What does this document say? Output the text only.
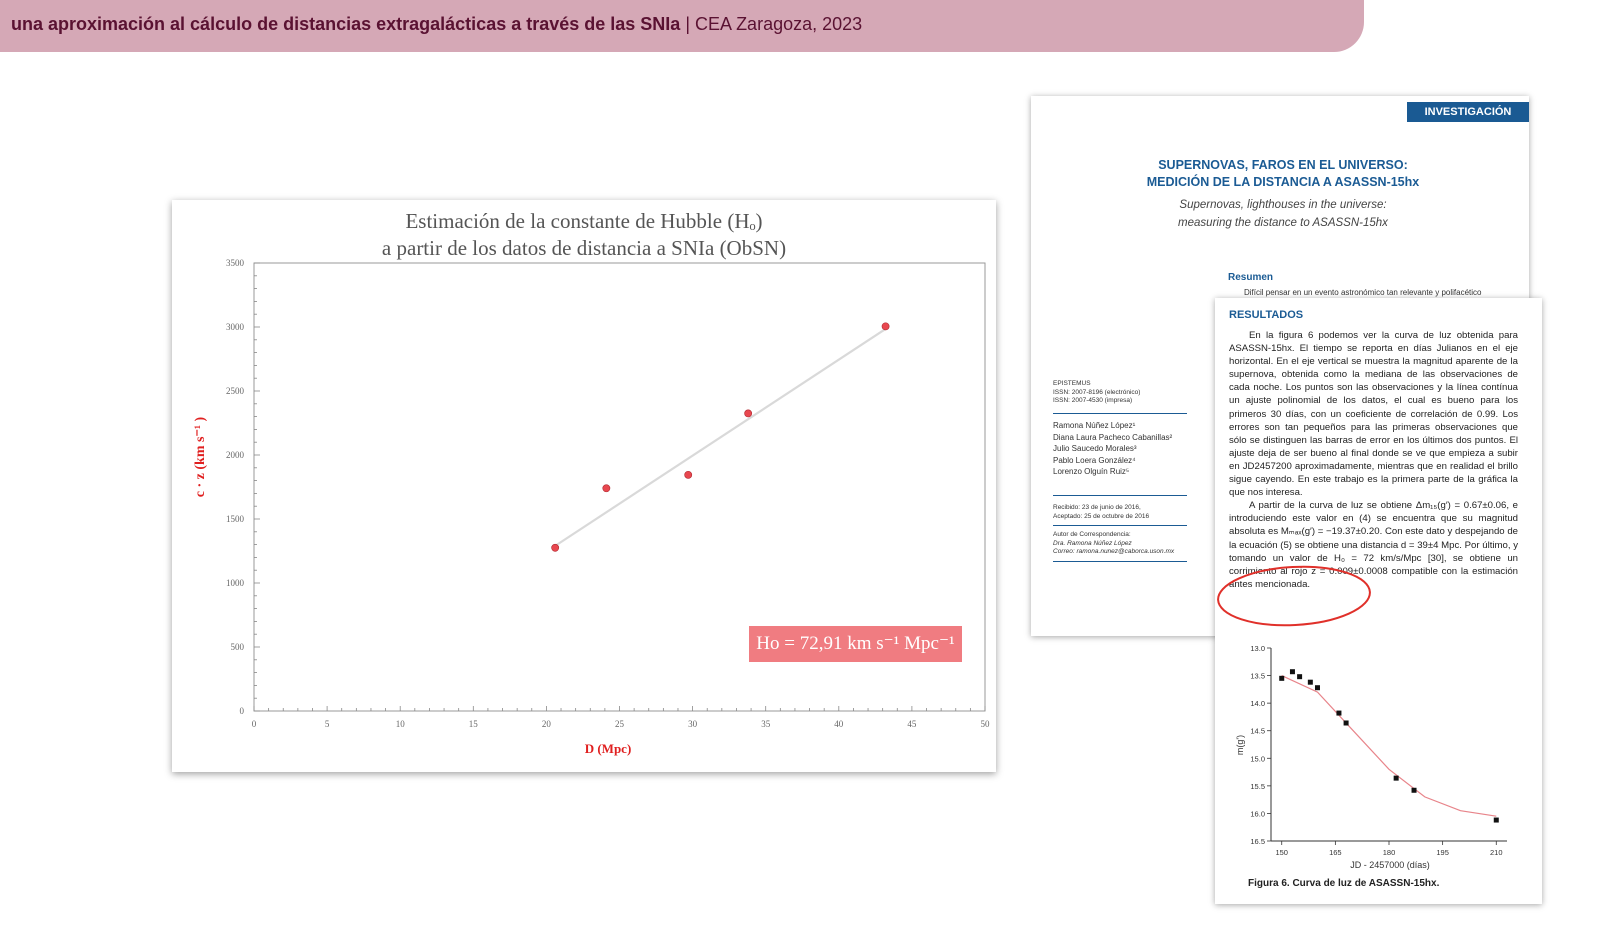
una aproximación al cálculo de distancias extragalácticas a través de las SNIa | CEA Zaragoza, 2023
Estimación de la constante de Hubble (Hₒ)
a partir de los datos de distancia a SNIa (ObSN)
0	5	10	15	20	25	30	35	40	45	50
0
500
1000
1500
2000
2500
3000
3500
D (Mpc)
c · z (km s⁻¹ )
Ho = 72,91 km s⁻¹ Mpc⁻¹
INVESTIGACIÓN
SUPERNOVAS, FAROS EN EL UNIVERSO:
MEDICIÓN DE LA DISTANCIA A ASASSN-15hx
Supernovas, lighthouses in the universe:
measuring the distance to ASASSN-15hx
Resumen
Difícil pensar en un evento astronómico tan relevante y polifacético
EPISTEMUS
ISSN: 2007-8196 (electrónico)
ISSN: 2007-4530 (impresa)
Ramona Núñez López¹
Diana Laura Pacheco Cabanillas²
Julio Saucedo Morales³
Pablo Loera González⁴
Lorenzo Olguín Ruiz⁵
Recibido: 23 de junio de 2016,
Aceptado: 25 de octubre de 2016
Autor de Correspondencia:
Dra. Ramona Núñez López
Correo: ramona.nunez@caborca.uson.mx
RESULTADOS

En la figura 6 podemos ver la curva de luz obtenida para ASASSN-15hx. El tiempo se reporta en días Julianos en el eje horizontal. En el eje vertical se muestra la magnitud aparente de la supernova, obtenida como la mediana de las observaciones de cada noche. Los puntos son las observaciones y la línea contínua un ajuste polinomial de los datos, el cual es bueno para los primeros 30 días, con un coeficiente de correlación de 0.99. Los errores son tan pequeños para las primeras observaciones que sólo se distinguen las barras de error en los últimos dos puntos. El ajuste deja de ser bueno al final donde se ve que empieza a subir en JD2457200 aproximadamente, mientras que en realidad el brillo sigue cayendo. En este trabajo es la primera parte de la gráfica la que nos interesa.

A partir de la curva de luz se obtiene Δm₁₅(g′) = 0.67±0.06, e introduciendo este valor en (4) se encuentra que su magnitud absoluta es Mₘₐₓ(g′) = −19.37±0.20. Con este dato y despejando de la ecuación (5) se obtiene una distancia d = 39±4 Mpc. Por último, y tomando un valor de H₀ = 72 km/s/Mpc [30], se obtiene un corrimiento al rojo z = 0.009±0.0008 compatible con la estimación antes mencionada.

13.0
13.5
14.0
14.5
15.0
15.5
16.0
16.5
150	165	180	195	210
JD - 2457000 (días)
m(g')
Figura 6. Curva de luz de ASASSN-15hx.
